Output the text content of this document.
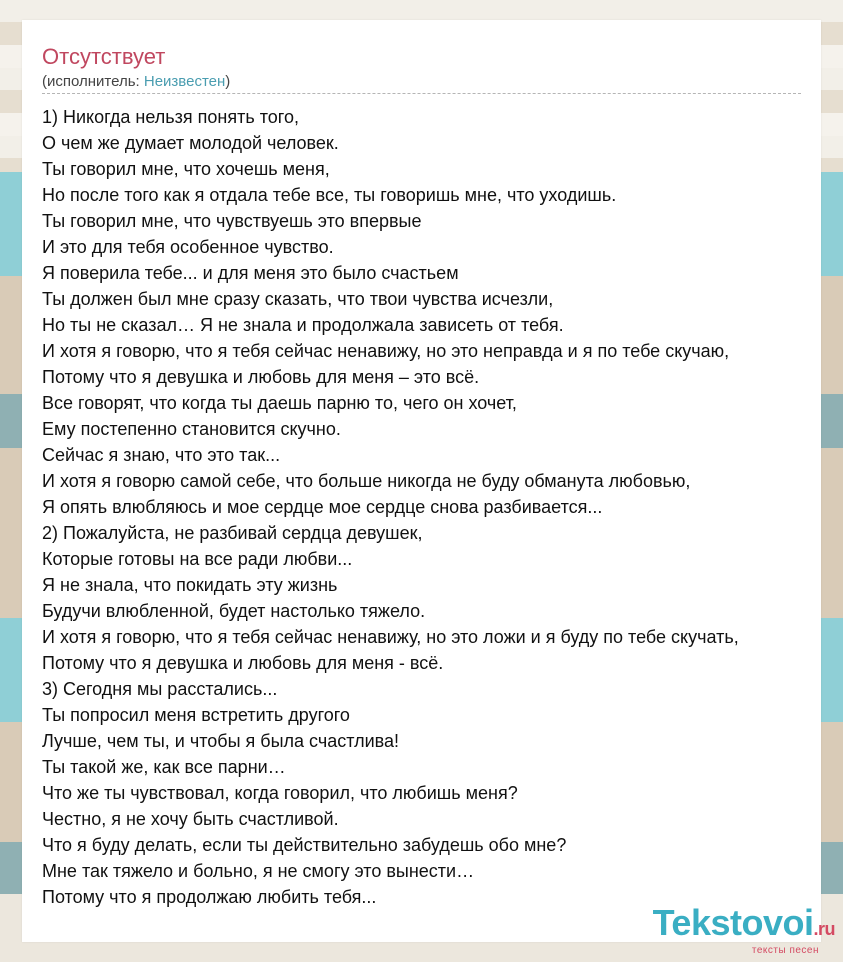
Отсутствует
(исполнитель: Неизвестен)
1) Никогда нельзя понять того,
О чем же думает молодой человек.
Ты говорил мне, что хочешь меня,
Но после того как я отдала тебе все, ты говоришь мне, что уходишь.
Ты говорил мне, что чувствуешь это впервые
И это для тебя особенное чувство.
Я поверила тебе... и для меня это было счастьем
Ты должен был мне сразу сказать, что твои чувства исчезли,
Но ты не сказал… Я не знала и продолжала зависеть от тебя.
И хотя я говорю, что я тебя сейчас ненавижу, но это неправда и я по тебе скучаю,
Потому что я девушка и любовь для меня – это всё.
Все говорят, что когда ты даешь парню то, чего он хочет,
Ему постепенно становится скучно.
Сейчас я знаю, что это так...
И хотя я говорю самой себе, что больше никогда не буду обманута любовью,
Я опять влюбляюсь и мое сердце мое сердце снова разбивается...
2) Пожалуйста, не разбивай сердца девушек,
Которые готовы на все ради любви...
Я не знала, что покидать эту жизнь
Будучи влюбленной, будет настолько тяжело.
И хотя я говорю, что я тебя сейчас ненавижу, но это ложи и я буду по тебе скучать,
Потому что я девушка и любовь для меня - всё.
3) Сегодня мы расстались...
Ты попросил меня встретить другого
Лучше, чем ты, и чтобы я была счастлива!
Ты такой же, как все парни…
Что же ты чувствовал, когда говорил, что любишь меня?
Честно, я не хочу быть счастливой.
Что я буду делать, если ты действительно забудешь обо мне?
Мне так тяжело и больно, я не смогу это вынести…
Потому что я продолжаю любить тебя...
Tekstovoi.ru
тексты песен
